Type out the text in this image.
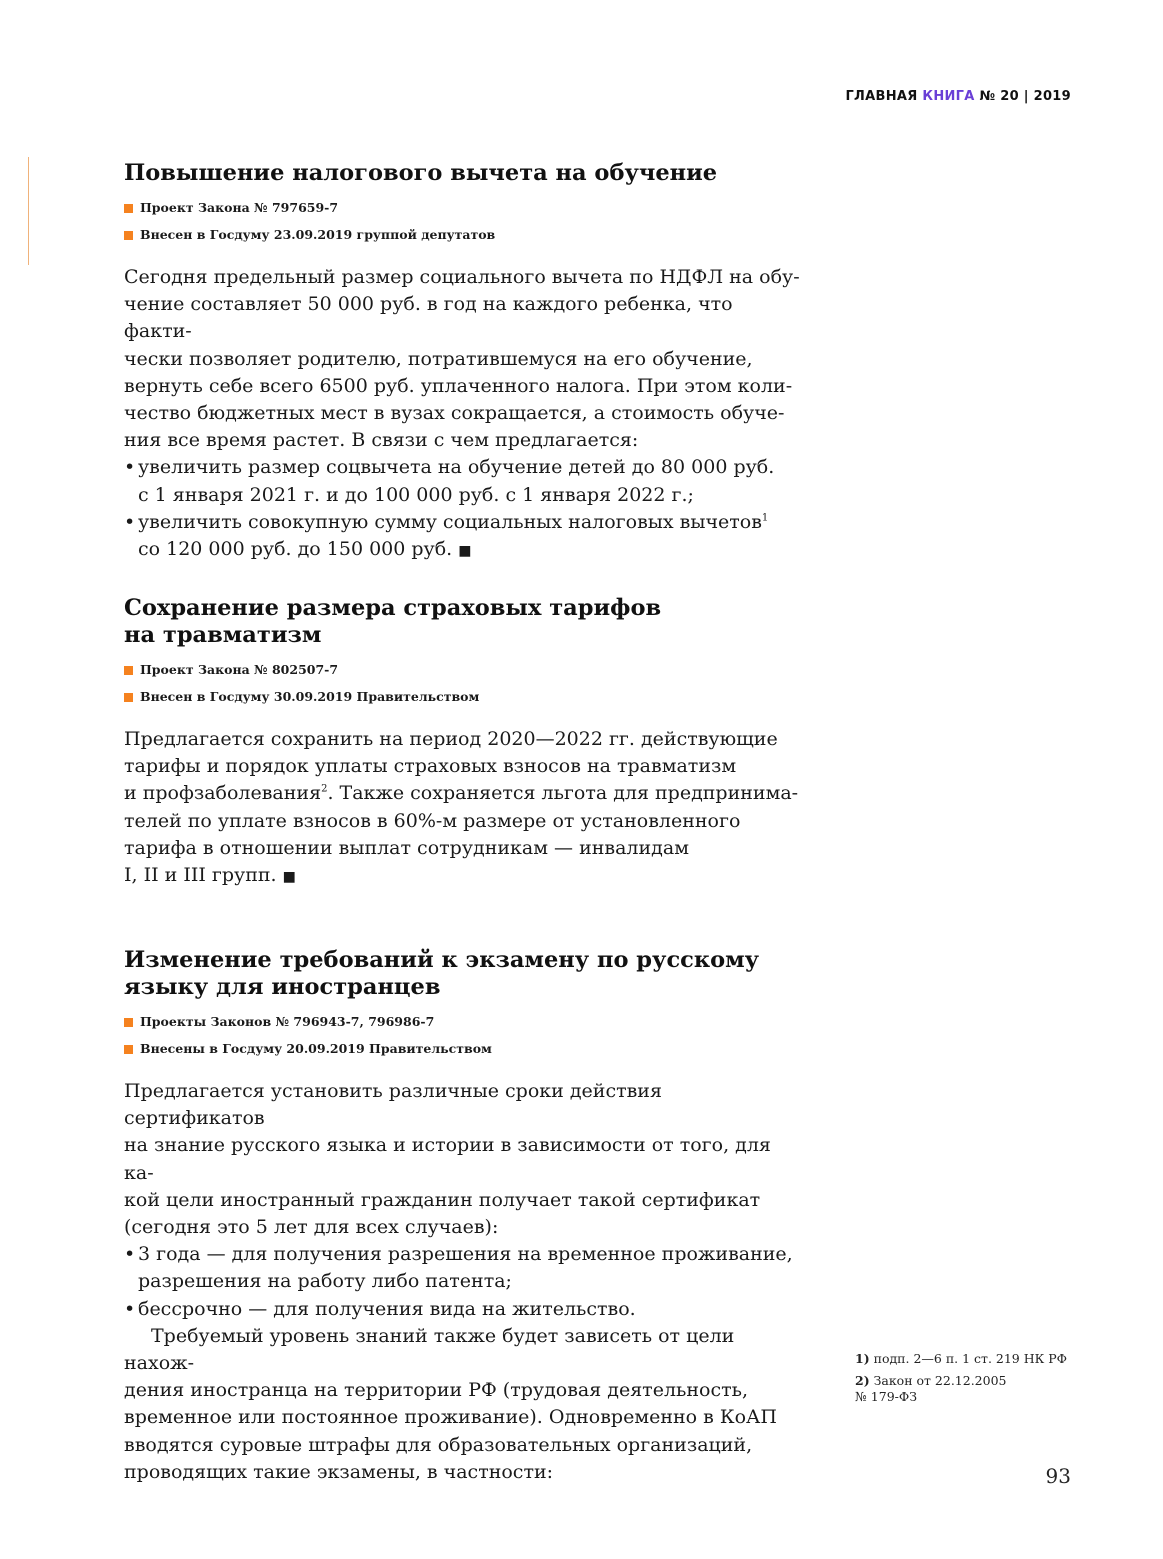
ГЛАВНАЯ КНИГА № 20 | 2019
Повышение налогового вычета на обучение
Проект Закона № 797659-7
Внесен в Госдуму 23.09.2019 группой депутатов

Сегодня предельный размер социального вычета по НДФЛ на обу-

чение составляет 50 000 руб. в год на каждого ребенка, что факти-

чески позволяет родителю, потратившемуся на его обучение,

вернуть себе всего 6500 руб. уплаченного налога. При этом коли-

чество бюджетных мест в вузах сокращается, а стоимость обуче-

ния все время растет. В связи с чем предлагается:

• увеличить размер соцвычета на обучение детей до 80 000 руб.

с 1 января 2021 г. и до 100 000 руб. с 1 января 2022 г.;

• увеличить совокупную сумму социальных налоговых вычетов$^1$

со 120 000 руб. до 150 000 руб. ■

Сохранение размера страховых тарифов
на травматизм
Проект Закона № 802507-7
Внесен в Госдуму 30.09.2019 Правительством

Предлагается сохранить на период 2020—2022 гг. действующие

тарифы и порядок уплаты страховых взносов на травматизм

и профзаболевания$^2$. Также сохраняется льгота для предпринима-

телей по уплате взносов в 60%-м размере от установленного

тарифа в отношении выплат сотрудникам — инвалидам

I, II и III групп. ■

Изменение требований к экзамену по русскому
языку для иностранцев
Проекты Законов № 796943-7, 796986-7
Внесены в Госдуму 20.09.2019 Правительством

Предлагается установить различные сроки действия сертификатов

на знание русского языка и истории в зависимости от того, для ка-

кой цели иностранный гражданин получает такой сертификат

(сегодня это 5 лет для всех случаев):

• 3 года — для получения разрешения на временное проживание,

разрешения на работу либо патента;

• бессрочно — для получения вида на жительство.

Требуемый уровень знаний также будет зависеть от цели нахож-

дения иностранца на территории РФ (трудовая деятельность,

временное или постоянное проживание). Одновременно в КоАП

вводятся суровые штрафы для образовательных организаций,

проводящих такие экзамены, в частности:

1) подп. 2—6 п. 1 ст. 219 НК РФ
2) Закон от 22.12.2005
№ 179-ФЗ
93
